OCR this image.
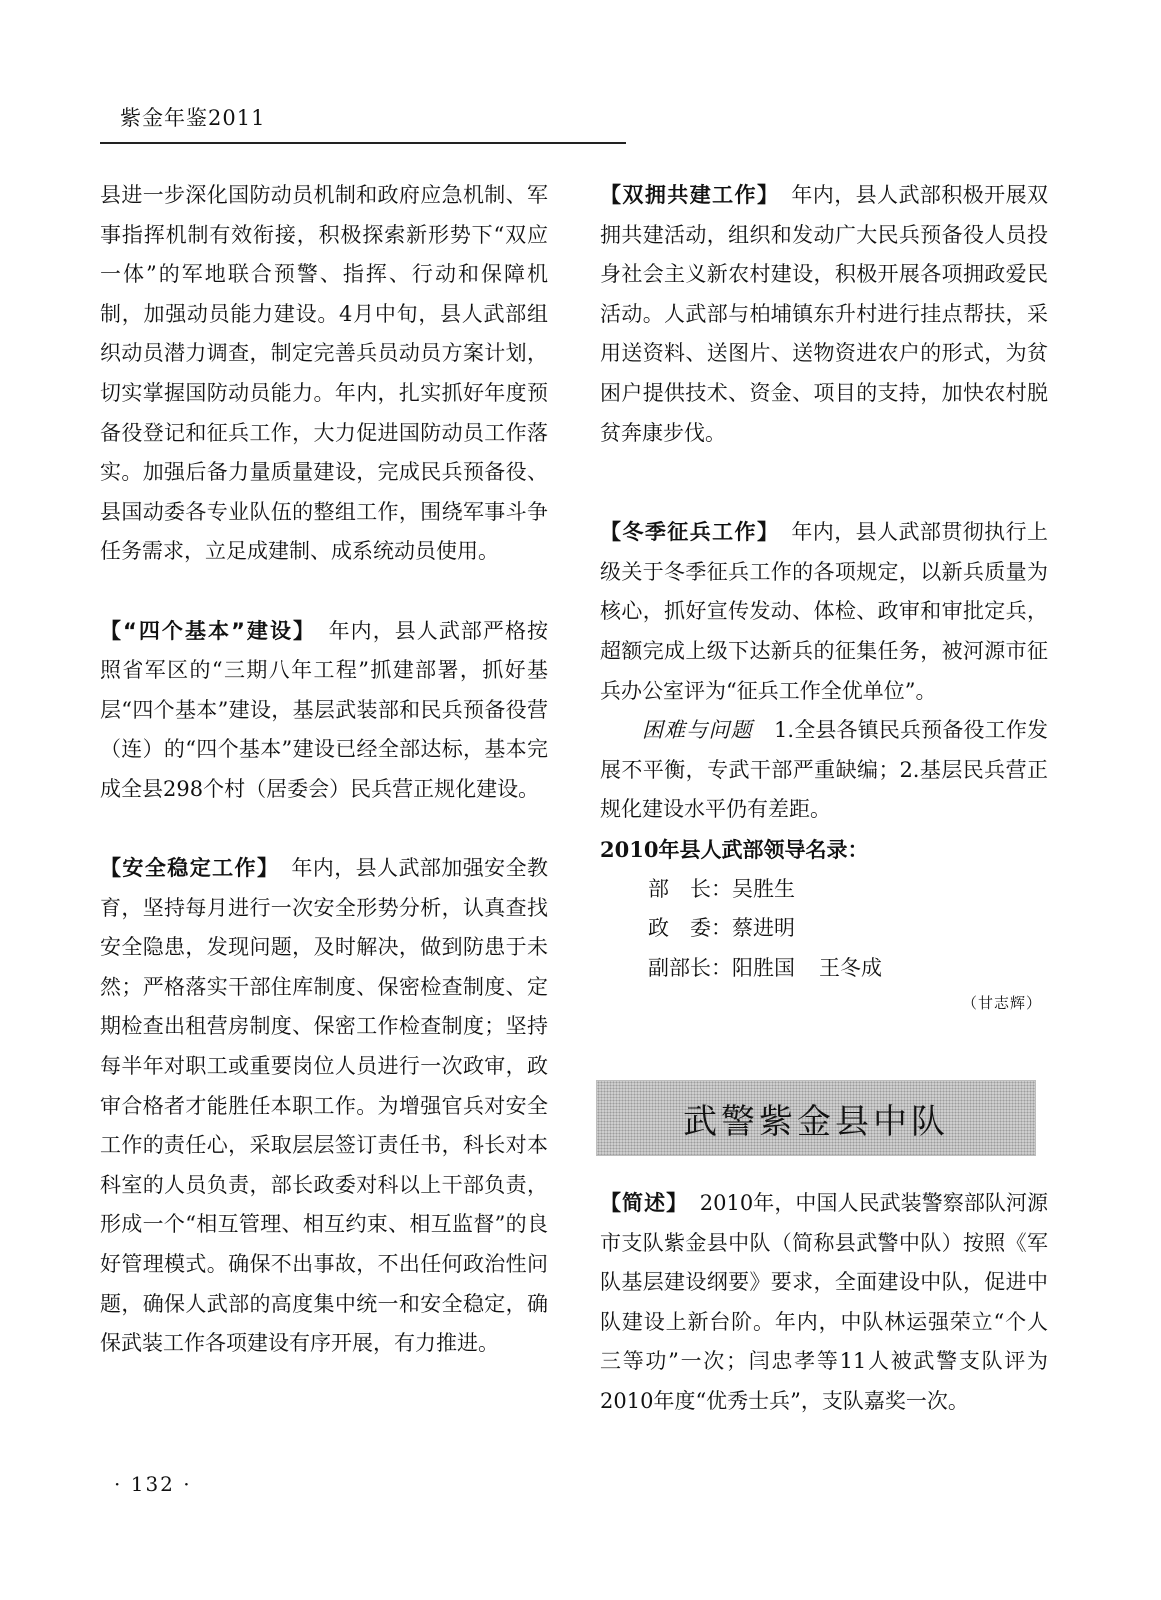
紫金年鉴2011

县进一步深化国防动员机制和政府应急机制、军事指挥机制有效衔接，积极探索新形势下“双应一体”的军地联合预警、指挥、行动和保障机制，加强动员能力建设。4月中旬，县人武部组织动员潜力调查，制定完善兵员动员方案计划，切实掌握国防动员能力。年内，扎实抓好年度预备役登记和征兵工作，大力促进国防动员工作落实。加强后备力量质量建设，完成民兵预备役、县国动委各专业队伍的整组工作，围绕军事斗争任务需求，立足成建制、成系统动员使用。

【“四个基本”建设】 年内，县人武部严格按照省军区的“三期八年工程”抓建部署，抓好基层“四个基本”建设，基层武装部和民兵预备役营（连）的“四个基本”建设已经全部达标，基本完成全县298个村（居委会）民兵营正规化建设。

【安全稳定工作】 年内，县人武部加强安全教育，坚持每月进行一次安全形势分析，认真查找安全隐患，发现问题，及时解决，做到防患于未然；严格落实干部住库制度、保密检查制度、定期检查出租营房制度、保密工作检查制度；坚持每半年对职工或重要岗位人员进行一次政审，政审合格者才能胜任本职工作。为增强官兵对安全工作的责任心，采取层层签订责任书，科长对本科室的人员负责，部长政委对科以上干部负责，形成一个“相互管理、相互约束、相互监督”的良好管理模式。确保不出事故，不出任何政治性问题，确保人武部的高度集中统一和安全稳定，确保武装工作各项建设有序开展，有力推进。

【双拥共建工作】 年内，县人武部积极开展双拥共建活动，组织和发动广大民兵预备役人员投身社会主义新农村建设，积极开展各项拥政爱民活动。人武部与柏埔镇东升村进行挂点帮扶，采用送资料、送图片、送物资进农户的形式，为贫困户提供技术、资金、项目的支持，加快农村脱贫奔康步伐。

【冬季征兵工作】 年内，县人武部贯彻执行上级关于冬季征兵工作的各项规定，以新兵质量为核心，抓好宣传发动、体检、政审和审批定兵，超额完成上级下达新兵的征集任务，被河源市征兵办公室评为“征兵工作全优单位”。

困难与问题　 1.全县各镇民兵预备役工作发展不平衡，专武干部严重缺编；2.基层民兵营正规化建设水平仍有差距。

2010年县人武部领导名录：

部　长：吴胜生

政　委：蔡进明

副部长：阳胜国 王冬成

（甘志辉）
武警紫金县中队

【简述】 2010年，中国人民武装警察部队河源市支队紫金县中队（简称县武警中队）按照《军队基层建设纲要》要求，全面建设中队，促进中队建设上新台阶。年内，中队林运强荣立“个人三等功”一次；闫忠孝等11人被武警支队评为2010年度“优秀士兵”，支队嘉奖一次。

· 132 ·
